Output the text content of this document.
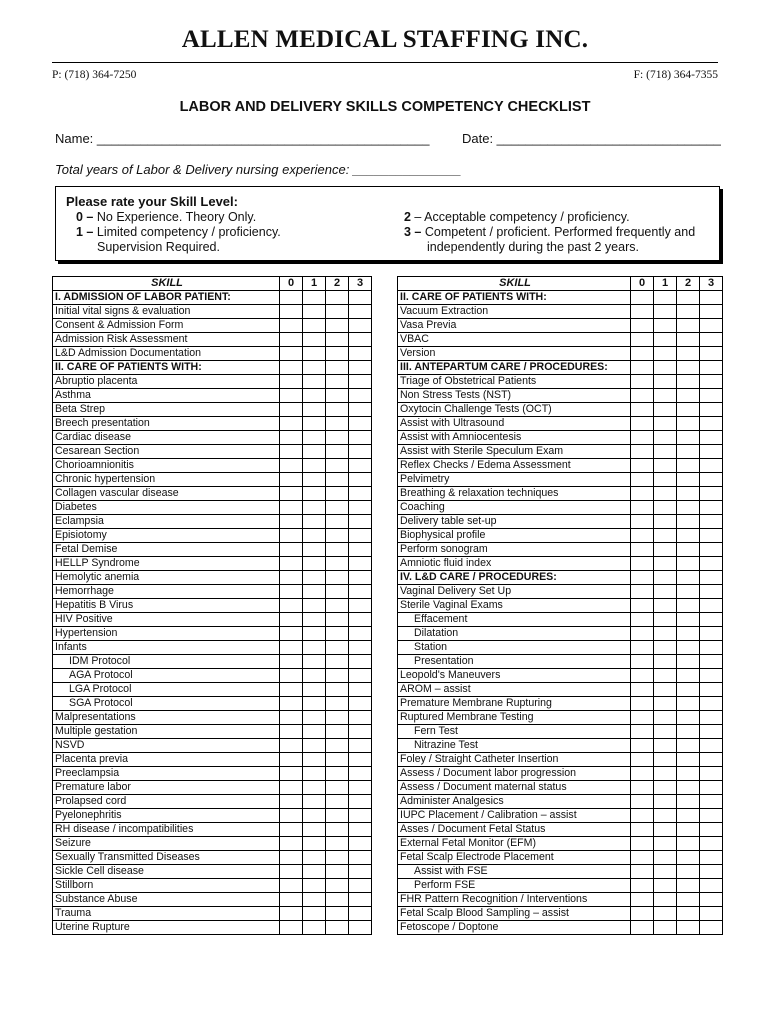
ALLEN MEDICAL STAFFING INC.
P: (718) 364-7250	F: (718) 364-7355
LABOR AND DELIVERY SKILLS COMPETENCY CHECKLIST
Name: ______________________________________________	Date: _______________________________
Total years of Labor & Delivery nursing experience: _______________
Please rate your Skill Level:
0 – No Experience. Theory Only.
1 – Limited competency / proficiency.
Supervision Required.
2 – Acceptable competency / proficiency.
3 – Competent / proficient. Performed frequently and
independently during the past 2 years.
SKILL	0	1	2	3
I. ADMISSION OF LABOR PATIENT:				
Initial vital signs & evaluation				
Consent & Admission Form				
Admission Risk Assessment				
L&D Admission Documentation				
II. CARE OF PATIENTS WITH:				
Abruptio placenta				
Asthma				
Beta Strep				
Breech presentation				
Cardiac disease				
Cesarean Section				
Chorioamnionitis				
Chronic hypertension				
Collagen vascular disease				
Diabetes				
Eclampsia				
Episiotomy				
Fetal Demise				
HELLP Syndrome				
Hemolytic anemia				
Hemorrhage				
Hepatitis B Virus				
HIV Positive				
Hypertension				
Infants				
IDM Protocol				
AGA Protocol				
LGA Protocol				
SGA Protocol				
Malpresentations				
Multiple gestation				
NSVD				
Placenta previa				
Preeclampsia				
Premature labor				
Prolapsed cord				
Pyelonephritis				
RH disease / incompatibilities				
Seizure				
Sexually Transmitted Diseases				
Sickle Cell disease				
Stillborn				
Substance Abuse				
Trauma				
Uterine Rupture				
SKILL	0	1	2	3
II. CARE OF PATIENTS WITH:				
Vacuum Extraction				
Vasa Previa				
VBAC				
Version				
III. ANTEPARTUM CARE / PROCEDURES:				
Triage of Obstetrical Patients				
Non Stress Tests (NST)				
Oxytocin Challenge Tests (OCT)				
Assist with Ultrasound				
Assist with Amniocentesis				
Assist with Sterile Speculum Exam				
Reflex Checks / Edema Assessment				
Pelvimetry				
Breathing & relaxation techniques				
Coaching				
Delivery table set-up				
Biophysical profile				
Perform sonogram				
Amniotic fluid index				
IV. L&D CARE / PROCEDURES:				
Vaginal Delivery Set Up				
Sterile Vaginal Exams				
Effacement				
Dilatation				
Station				
Presentation				
Leopold's Maneuvers				
AROM – assist				
Premature Membrane Rupturing				
Ruptured Membrane Testing				
Fern Test				
Nitrazine Test				
Foley / Straight Catheter Insertion				
Assess / Document labor progression				
Assess / Document maternal status				
Administer Analgesics				
IUPC Placement / Calibration – assist				
Asses / Document Fetal Status				
External Fetal Monitor (EFM)				
Fetal Scalp Electrode Placement				
Assist with FSE				
Perform FSE				
FHR Pattern Recognition / Interventions				
Fetal Scalp Blood Sampling – assist				
Fetoscope / Doptone				
